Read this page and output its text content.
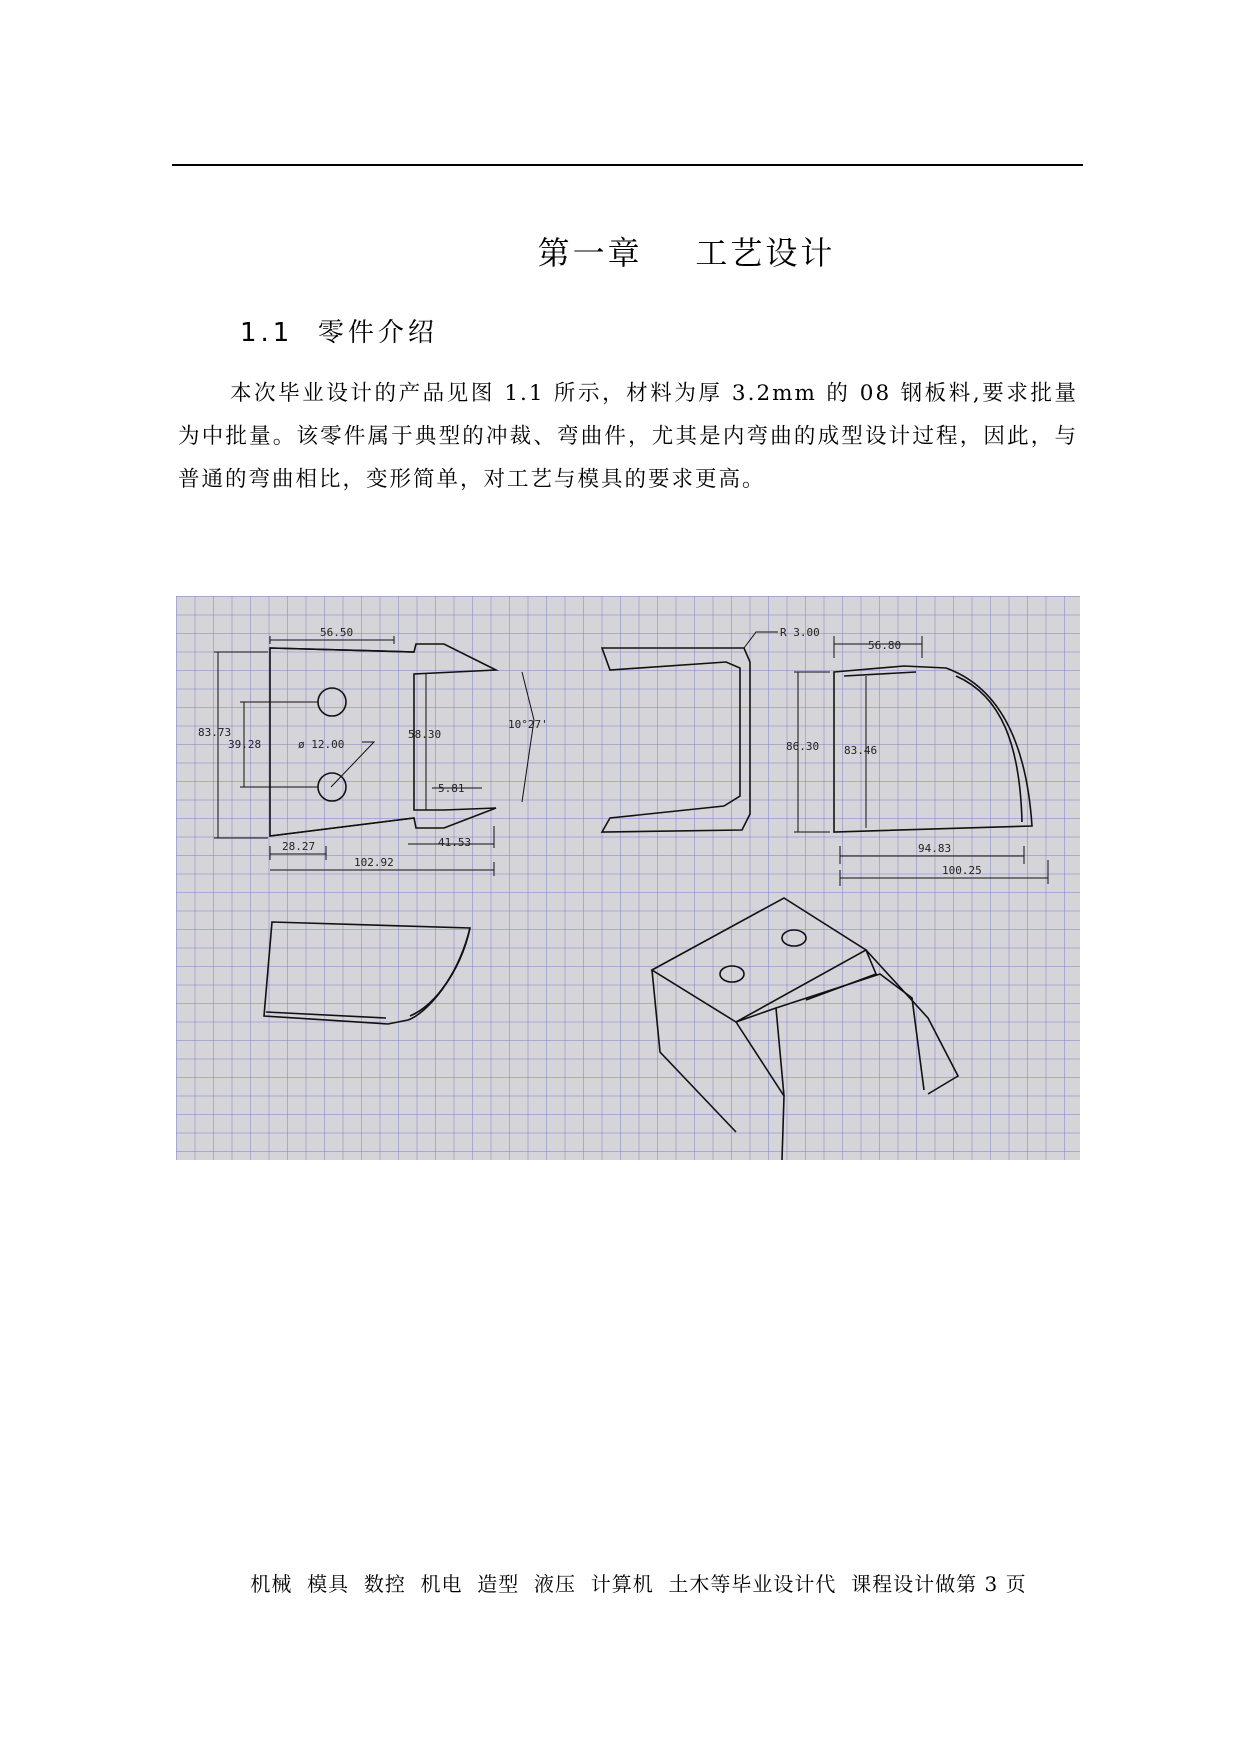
第一章    工艺设计
1.1  零件介绍

本次毕业设计的产品见图 1.1 所示，材料为厚 3.2mm 的 08 钢板料,要求批量为中批量。该零件属于典型的冲裁、弯曲件，尤其是内弯曲的成型设计过程，因此，与普通的弯曲相比，变形简单，对工艺与模具的要求更高。

56.50
83.73
39.28	ø 12.00
28.27
102.92
58.30
5.81
41.53
10°27'
R 3.00
56.80
86.30 83.46
94.83
100.25
机械  模具  数控  机电  造型  液压  计算机  土木等毕业设计代  课程设计做第 3 页
